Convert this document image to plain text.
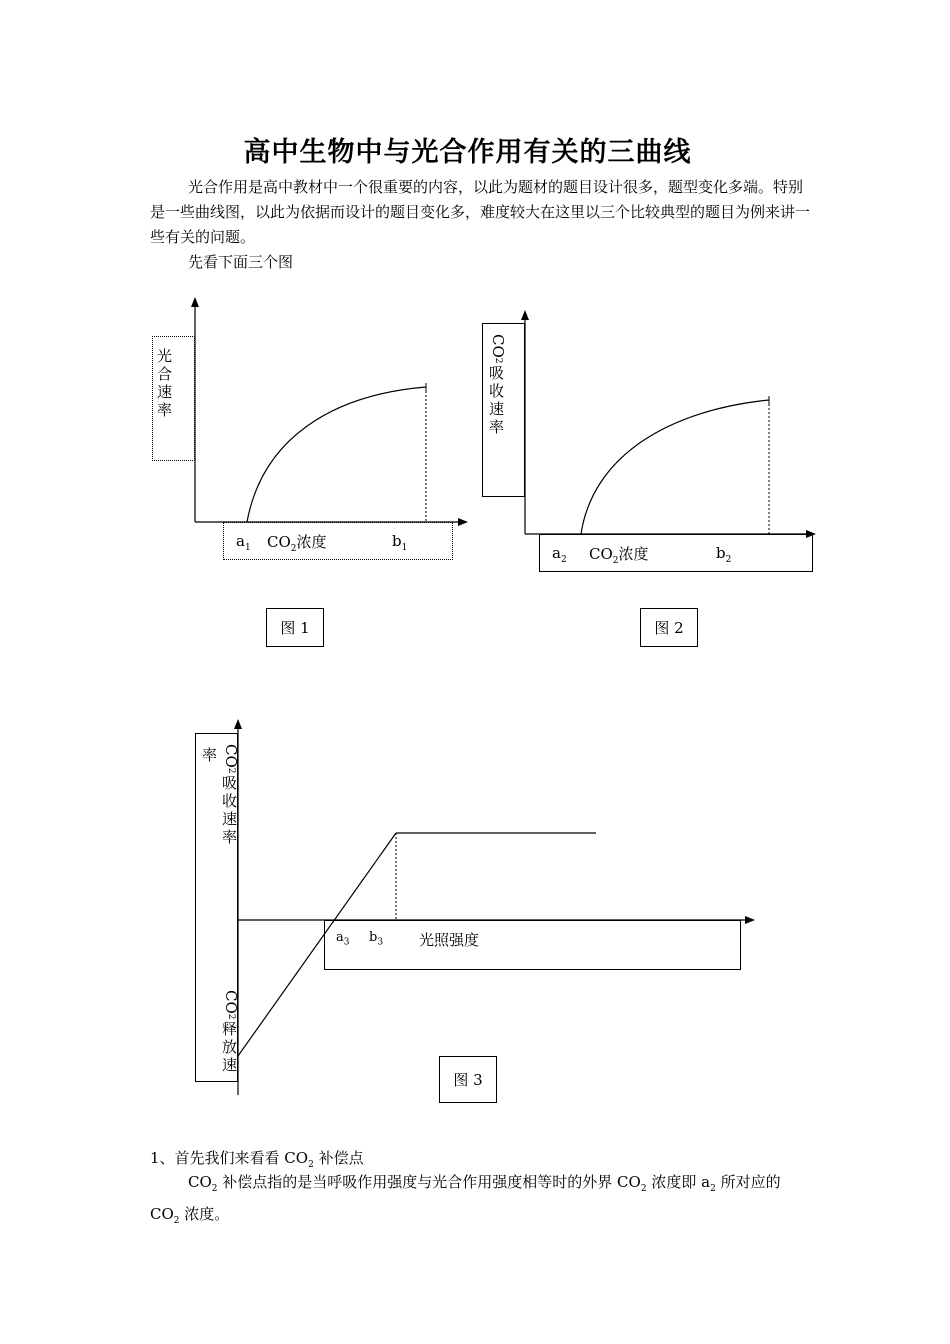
高中生物中与光合作用有关的三曲线
光合作用是高中教材中一个很重要的内容，以此为题材的题目设计很多，题型变化多端。特别是一些曲线图，以此为依据而设计的题目变化多，难度较大在这里以三个比较典型的题目为例来讲一些有关的问题。
先看下面三个图
光合速率
$a_1$ $CO_2$浓度	$b_1$
图 1
CO2
吸收速率
$a_2$ $CO_2$浓度	$b_2$
图 2
率 CO2
吸收速率
CO2
释放速
$a_3$ $b_3$ 光照强度
图 3
1、首先我们来看看 $CO_2$ 补偿点
$CO_2$ 补偿点指的是当呼吸作用强度与光合作用强度相等时的外界 $CO_2$ 浓度即 $a_2$ 所对应的 $CO_2$ 浓度。
